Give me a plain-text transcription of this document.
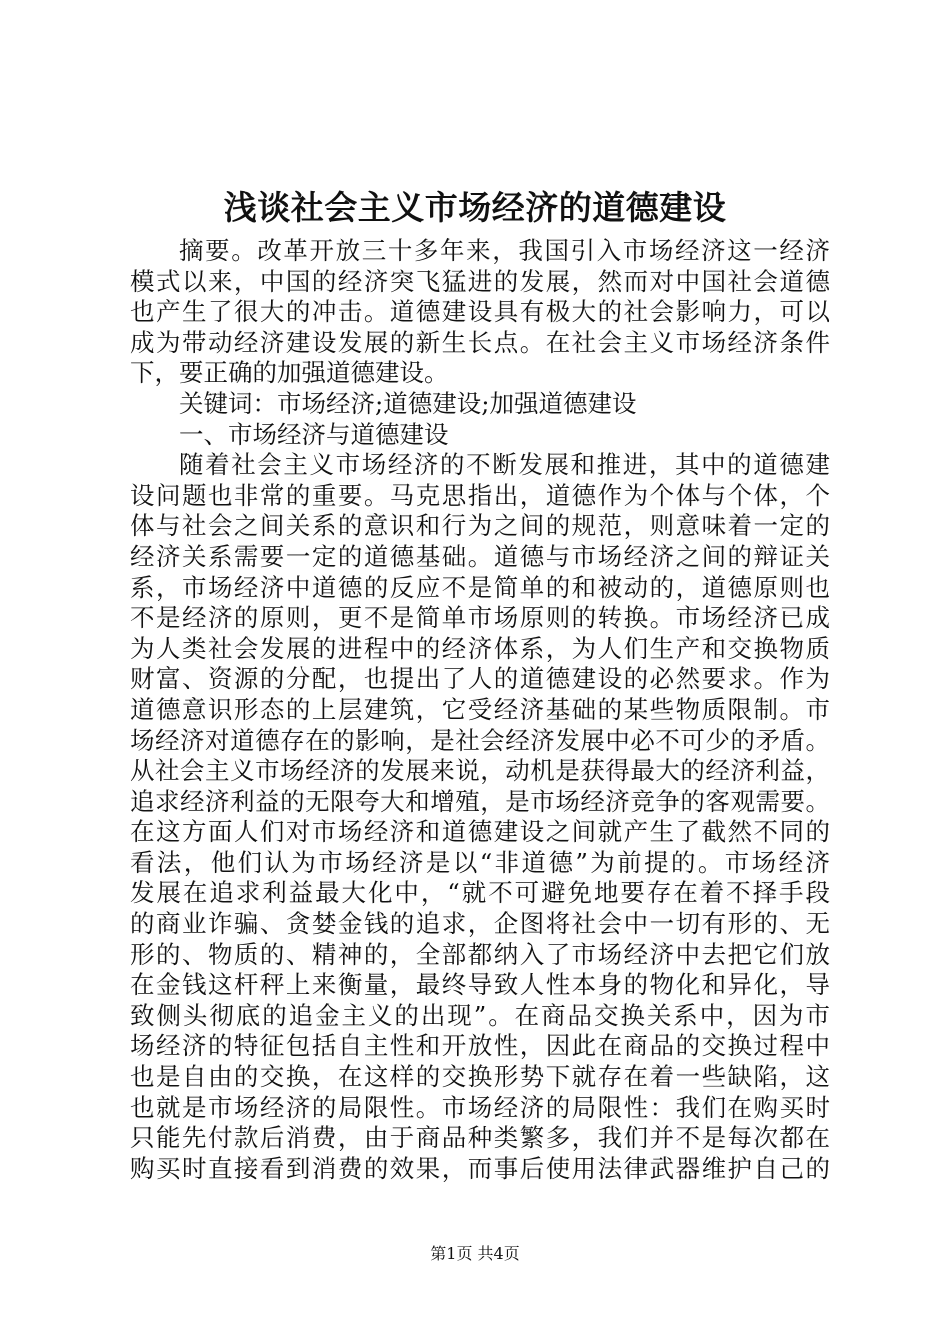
浅谈社会主义市场经济的道德建设
摘要。改革开放三十多年来，我国引入市场经济这一经济
模式以来，中国的经济突飞猛进的发展，然而对中国社会道德
也产生了很大的冲击。道德建设具有极大的社会影响力，可以
成为带动经济建设发展的新生长点。在社会主义市场经济条件
下，要正确的加强道德建设。
关键词：市场经济;道德建设;加强道德建设
一、市场经济与道德建设
随着社会主义市场经济的不断发展和推进，其中的道德建
设问题也非常的重要。马克思指出，道德作为个体与个体，个
体与社会之间关系的意识和行为之间的规范，则意味着一定的
经济关系需要一定的道德基础。道德与市场经济之间的辩证关
系，市场经济中道德的反应不是简单的和被动的，道德原则也
不是经济的原则，更不是简单市场原则的转换。市场经济已成
为人类社会发展的进程中的经济体系，为人们生产和交换物质
财富、资源的分配，也提出了人的道德建设的必然要求。作为
道德意识形态的上层建筑，它受经济基础的某些物质限制。市
场经济对道德存在的影响，是社会经济发展中必不可少的矛盾。
从社会主义市场经济的发展来说，动机是获得最大的经济利益，
追求经济利益的无限夸大和增殖，是市场经济竞争的客观需要。
在这方面人们对市场经济和道德建设之间就产生了截然不同的
看法，他们认为市场经济是以“非道德”为前提的。市场经济
发展在追求利益最大化中，“就不可避免地要存在着不择手段
的商业诈骗、贪婪金钱的追求，企图将社会中一切有形的、无
形的、物质的、精神的，全部都纳入了市场经济中去把它们放
在金钱这杆秤上来衡量，最终导致人性本身的物化和异化，导
致侧头彻底的追金主义的出现”。在商品交换关系中，因为市
场经济的特征包括自主性和开放性，因此在商品的交换过程中
也是自由的交换，在这样的交换形势下就存在着一些缺陷，这
也就是市场经济的局限性。市场经济的局限性：我们在购买时
只能先付款后消费，由于商品种类繁多，我们并不是每次都在
购买时直接看到消费的效果，而事后使用法律武器维护自己的
第1页 共4页
